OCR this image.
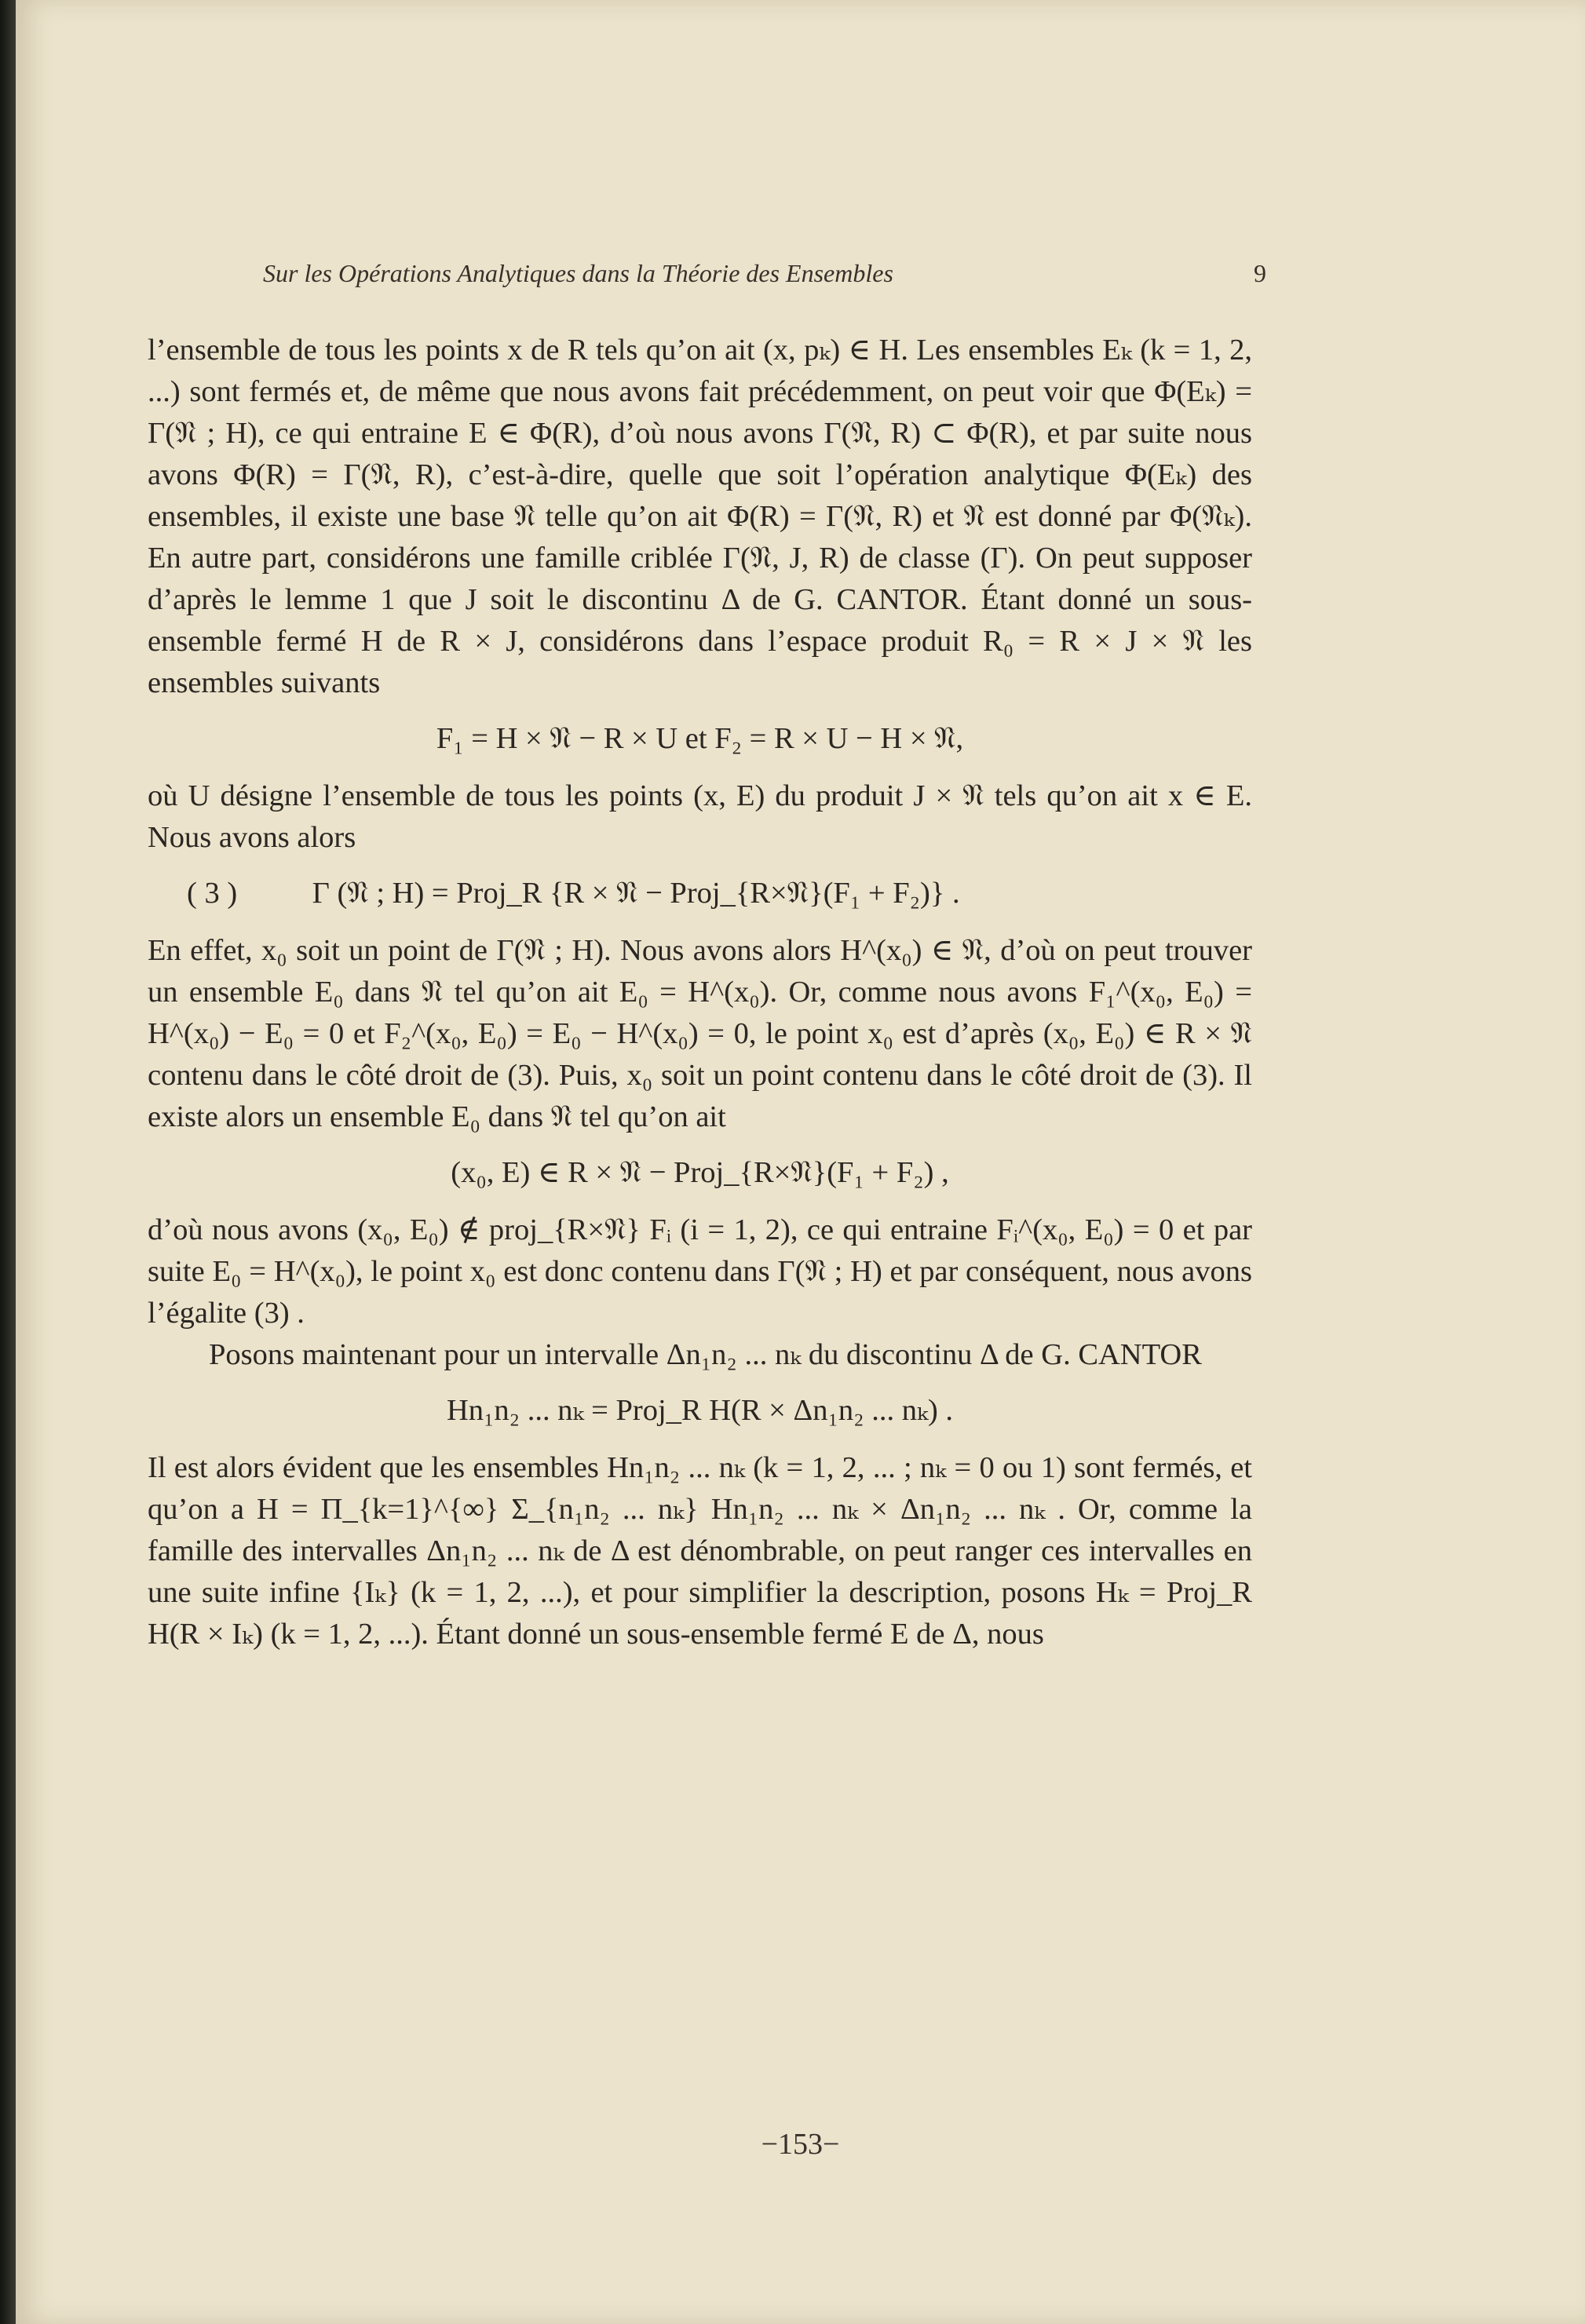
Sur les Opérations Analytiques dans la Théorie des Ensembles	9

l’ensemble de tous les points x de R tels qu’on ait (x, pₖ) ∈ H. Les ensembles Eₖ (k = 1, 2, ...) sont fermés et, de même que nous avons fait précédemment, on peut voir que Φ(Eₖ) = Γ(𝔑 ; H), ce qui entraine E ∈ Φ(R), d’où nous avons Γ(𝔑, R) ⊂ Φ(R), et par suite nous avons Φ(R) = Γ(𝔑, R), c’est-à-dire, quelle que soit l’opération analytique Φ(Eₖ) des ensembles, il existe une base 𝔑 telle qu’on ait Φ(R) = Γ(𝔑, R) et 𝔑 est donné par Φ(𝔑ₖ). En autre part, considérons une famille criblée Γ(𝔑, J, R) de classe (Γ). On peut supposer d’après le lemme 1 que J soit le discontinu Δ de G. CANTOR. Étant donné un sous-ensemble fermé H de R × J, considérons dans l’espace produit R₀ = R × J × 𝔑 les ensembles suivants

F₁ = H × 𝔑 − R × U et F₂ = R × U − H × 𝔑,

où U désigne l’ensemble de tous les points (x, E) du produit J × 𝔑 tels qu’on ait x ∈ E. Nous avons alors

( 3 ) Γ (𝔑 ; H) = Proj_R {R × 𝔑 − Proj_{R×𝔑}(F₁ + F₂)} .

En effet, x₀ soit un point de Γ(𝔑 ; H). Nous avons alors H^(x₀) ∈ 𝔑, d’où on peut trouver un ensemble E₀ dans 𝔑 tel qu’on ait E₀ = H^(x₀). Or, comme nous avons F₁^(x₀, E₀) = H^(x₀) − E₀ = 0 et F₂^(x₀, E₀) = E₀ − H^(x₀) = 0, le point x₀ est d’après (x₀, E₀) ∈ R × 𝔑 contenu dans le côté droit de (3). Puis, x₀ soit un point contenu dans le côté droit de (3). Il existe alors un ensemble E₀ dans 𝔑 tel qu’on ait

(x₀, E) ∈ R × 𝔑 − Proj_{R×𝔑}(F₁ + F₂) ,

d’où nous avons (x₀, E₀) ∉ proj_{R×𝔑} Fᵢ (i = 1, 2), ce qui entraine Fᵢ^(x₀, E₀) = 0 et par suite E₀ = H^(x₀), le point x₀ est donc contenu dans Γ(𝔑 ; H) et par conséquent, nous avons l’égalite (3) .

Posons maintenant pour un intervalle Δn₁n₂ ... nₖ du discontinu Δ de G. CANTOR

Hn₁n₂ ... nₖ = Proj_R H(R × Δn₁n₂ ... nₖ) .

Il est alors évident que les ensembles Hn₁n₂ ... nₖ (k = 1, 2, ... ; nₖ = 0 ou 1) sont fermés, et qu’on a H = Π_{k=1}^{∞} Σ_{n₁n₂ ... nₖ} Hn₁n₂ ... nₖ × Δn₁n₂ ... nₖ . Or, comme la famille des intervalles Δn₁n₂ ... nₖ de Δ est dénombrable, on peut ranger ces intervalles en une suite infine {Iₖ} (k = 1, 2, ...), et pour simplifier la description, posons Hₖ = Proj_R H(R × Iₖ) (k = 1, 2, ...). Étant donné un sous-ensemble fermé E de Δ, nous

−153−
